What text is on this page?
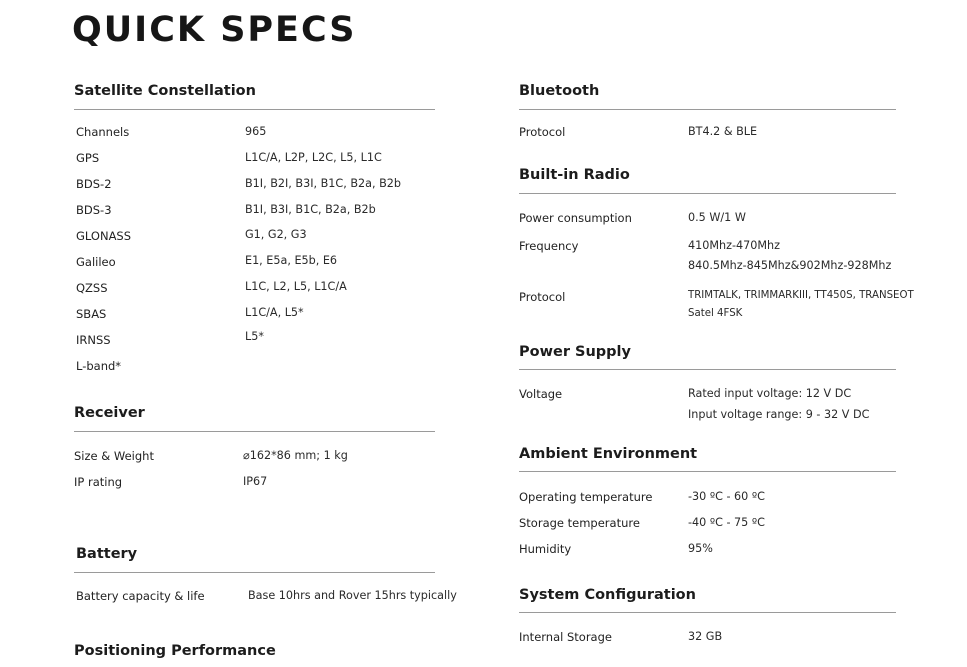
QUICK SPECS
Satellite Constellation
Channels	965
GPS	L1C/A, L2P, L2C, L5, L1C
BDS-2	B1I, B2I, B3I, B1C, B2a, B2b
BDS-3	B1I, B3I, B1C, B2a, B2b
GLONASS	G1, G2, G3
Galileo	E1, E5a, E5b, E6
QZSS	L1C, L2, L5, L1C/A
SBAS	L1C/A, L5*
IRNSS	L5*
L-band*
Receiver
Size & Weight	⌀162*86 mm; 1 kg
IP rating	IP67
Battery
Battery capacity & life	Base 10hrs and Rover 15hrs typically
Positioning Performance
Bluetooth
Protocol	BT4.2 & BLE
Built-in Radio
Power consumption	0.5 W/1 W
Frequency	410Mhz-470Mhz
840.5Mhz-845Mhz&902Mhz-928Mhz
Protocol	TRIMTALK, TRIMMARKIII, TT450S, TRANSEOT
Satel 4FSK
Power Supply
Voltage	Rated input voltage: 12 V DC
Input voltage range: 9 - 32 V DC
Ambient Environment
Operating temperature	-30 ºC - 60 ºC
Storage temperature	-40 ºC - 75 ºC
Humidity	95%
System Configuration
Internal Storage	32 GB
